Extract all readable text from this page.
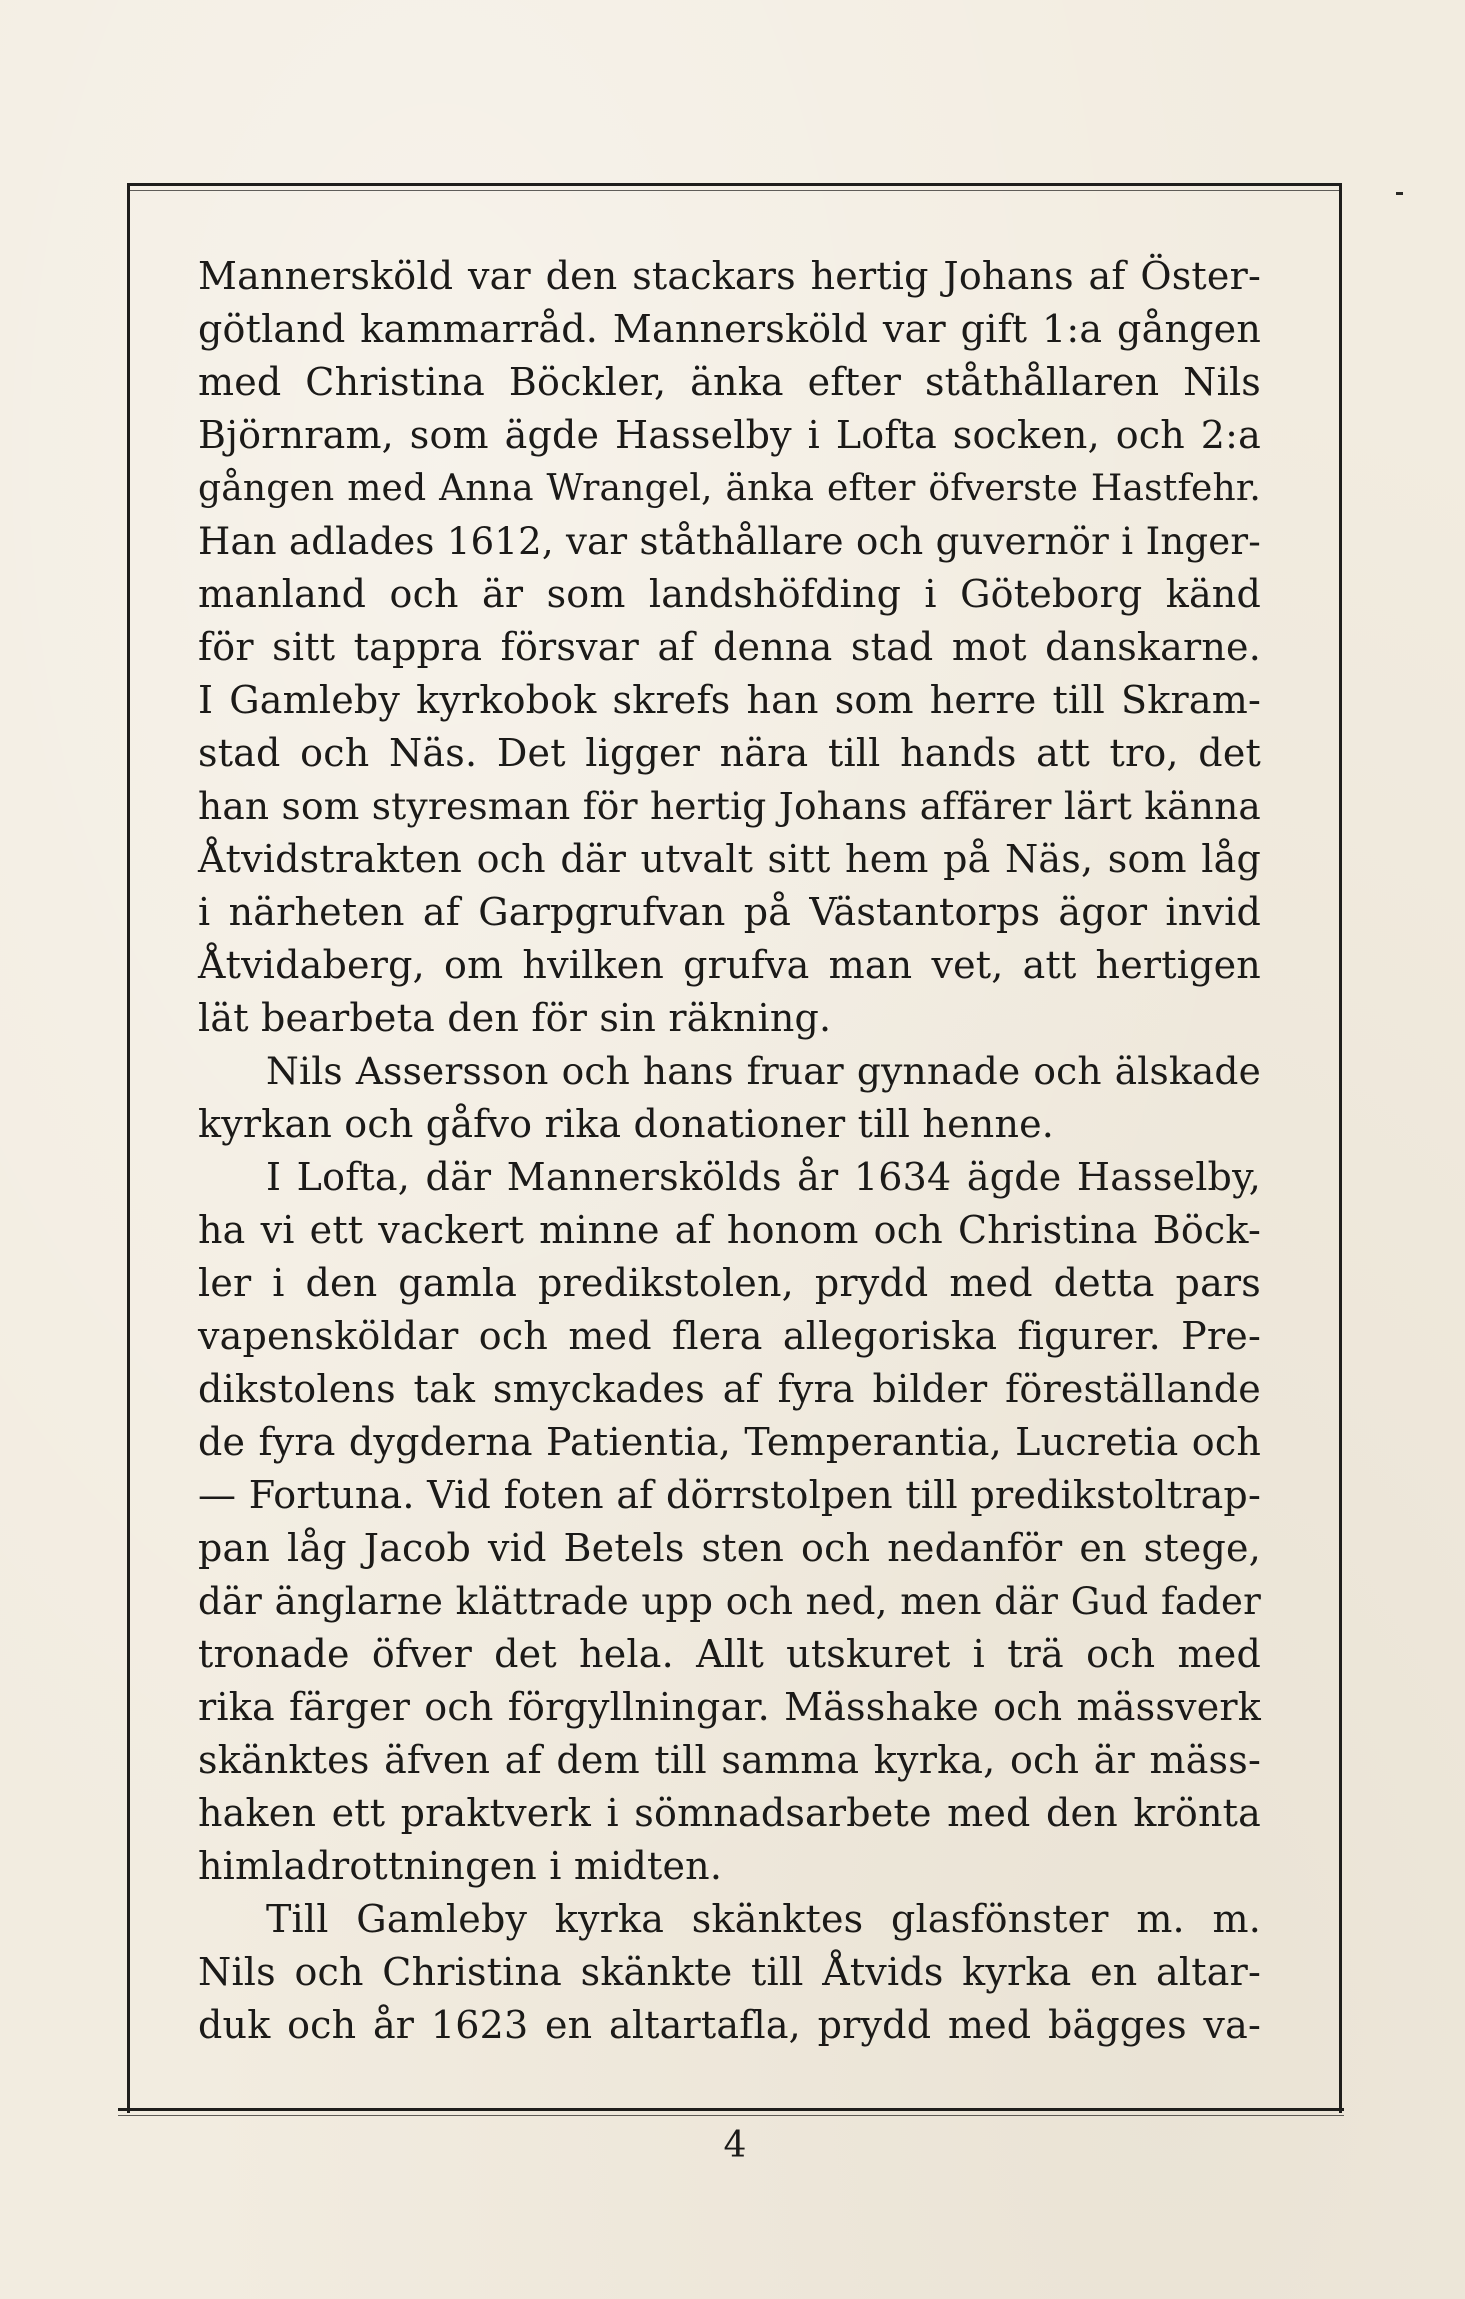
Mannersköld var den stackars hertig Johans af Öster-
götland kammarråd. Mannersköld var gift 1:a gången
med Christina Böckler, änka efter ståthållaren Nils
Björnram, som ägde Hasselby i Lofta socken, och 2:a
gången med Anna Wrangel, änka efter öfverste Hastfehr.
Han adlades 1612, var ståthållare och guvernör i Inger-
manland och är som landshöfding i Göteborg känd
för sitt tappra försvar af denna stad mot danskarne.
I Gamleby kyrkobok skrefs han som herre till Skram-
stad och Näs. Det ligger nära till hands att tro, det
han som styresman för hertig Johans affärer lärt känna
Åtvidstrakten och där utvalt sitt hem på Näs, som låg
i närheten af Garpgrufvan på Västantorps ägor invid
Åtvidaberg, om hvilken grufva man vet, att hertigen
lät bearbeta den för sin räkning.
Nils Assersson och hans fruar gynnade och älskade
kyrkan och gåfvo rika donationer till henne.
I Lofta, där Mannerskölds år 1634 ägde Hasselby,
ha vi ett vackert minne af honom och Christina Böck-
ler i den gamla predikstolen, prydd med detta pars
vapensköldar och med flera allegoriska figurer. Pre-
dikstolens tak smyckades af fyra bilder föreställande
de fyra dygderna Patientia, Temperantia, Lucretia och
— Fortuna. Vid foten af dörrstolpen till predikstoltrap-
pan låg Jacob vid Betels sten och nedanför en stege,
där änglarne klättrade upp och ned, men där Gud fader
tronade öfver det hela. Allt utskuret i trä och med
rika färger och förgyllningar. Mässhake och mässverk
skänktes äfven af dem till samma kyrka, och är mäss-
haken ett praktverk i sömnadsarbete med den krönta
himladrottningen i midten.
Till Gamleby kyrka skänktes glasfönster m. m.
Nils och Christina skänkte till Åtvids kyrka en altar-
duk och år 1623 en altartafla, prydd med bägges va-
4
